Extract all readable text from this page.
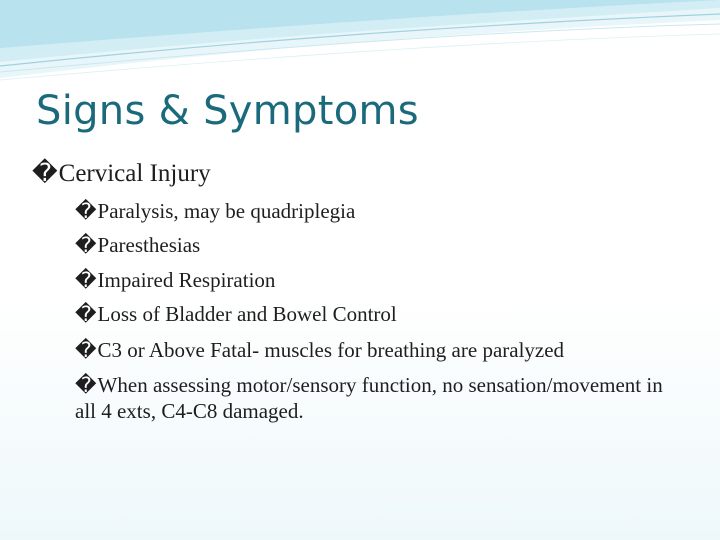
Signs & Symptoms
�Cervical Injury
�Paralysis, may be quadriplegia
�Paresthesias
�Impaired Respiration
�Loss of Bladder and Bowel Control
�C3 or Above Fatal- muscles for breathing are paralyzed
�When assessing motor/sensory function, no sensation/movement in all 4 exts, C4-C8 damaged.
